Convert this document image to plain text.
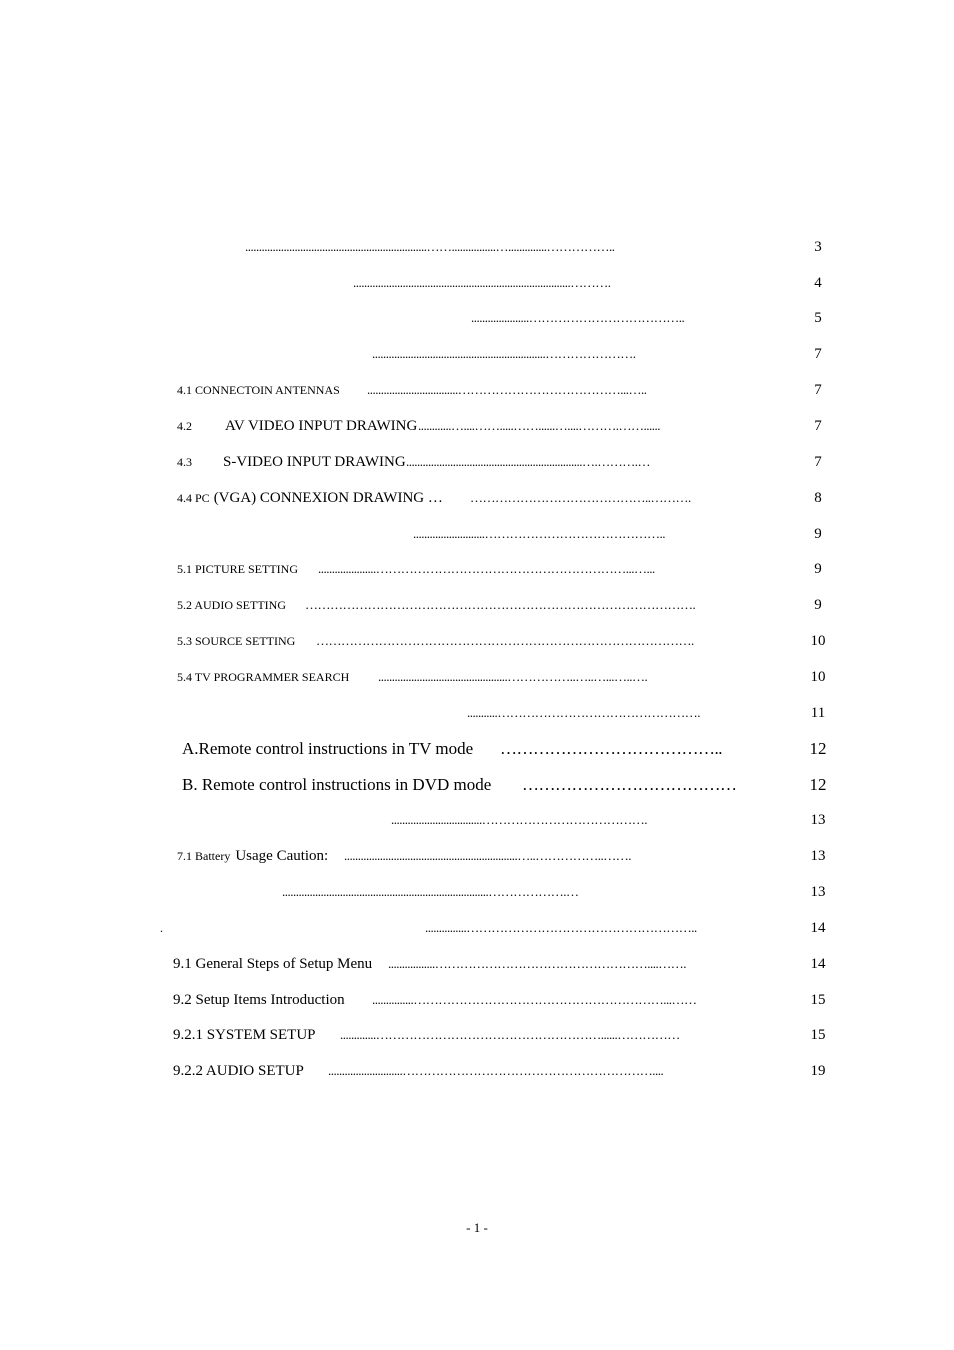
..................................................................……................…..............……………..	3
...............................................................................……….	4
.....................………………………………..	5
...............................................................………………….	7
4.1 CONNECTOIN ANTENNAS .................................…………………………………...…..	7
4.2 AV VIDEO INPUT DRAWING ............…....…….....……......…....……….……......	7
4.3 S-VIDEO INPUT DRAWING ................................................................….……….…	7
4.4 PC (VGA) CONNEXION DRAWING … ……………………………………..……….	8
..........................……………………………………..	9
5.1 PICTURE SETTING .....................……………………………………………………...…...	9
5.2 AUDIO SETTING ………………………………………………………………………………….	9
5.3 SOURCE SETTING ……………………………………………………………………………….	10
5.4 TV PROGRAMMER SEARCH ...............................................……………..…..…...…..….	10
...........………………………………………….	11
A.Remote control instructions in TV mode …………………………………..	12
B. Remote control instructions in DVD mode …………………………………	12
.................................………………………………….	13
7.1 Battery Usage Caution: ...............................................................…..……………..…….	13
...........................................................................……………….…	13
.	...............………………………………………………..	14
9.1 General Steps of Setup Menu .................……………………………………………....…….	14
9.2 Setup Items Introduction ...............……………………………………………………...……	15
9.2.1 SYSTEM SETUP .............………………………………………………......……………	15
9.2.2 AUDIO SETUP ...........................……………………………………………………....	19
- 1 -
